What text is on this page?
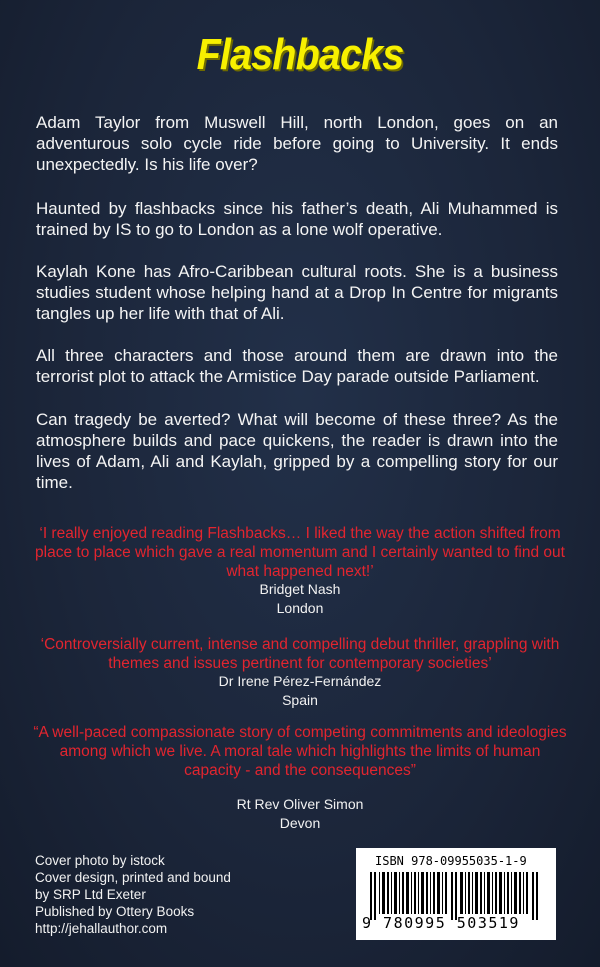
Flashbacks
Adam Taylor from Muswell Hill, north London, goes on an adventurous solo cycle ride before going to University. It ends unexpectedly. Is his life over?
Haunted by flashbacks since his father’s death, Ali Muhammed is trained by IS to go to London as a lone wolf operative.
Kaylah Kone has Afro-Caribbean cultural roots. She is a business studies student whose helping hand at a Drop In Centre for migrants tangles up her life with that of Ali.
All three characters and those around them are drawn into the terrorist plot to attack the Armistice Day parade outside Parliament.
Can tragedy be averted? What will become of these three? As the atmosphere builds and pace quickens, the reader is drawn into the lives of Adam, Ali and Kaylah, gripped by a compelling story for our time.
‘I really enjoyed reading Flashbacks… I liked the way the action shifted from place to place which gave a real momentum and I certainly wanted to find out what happened next!’
Bridget Nash
London
‘Controversially current, intense and compelling debut thriller, grappling with themes and issues pertinent for contemporary societies’
Dr Irene Pérez-Fernández
Spain
“A well-paced compassionate story of competing commitments and ideologies among which we live. A moral tale which highlights the limits of human capacity - and the consequences”
Rt Rev Oliver Simon
Devon
Cover photo by istock
Cover design, printed and bound
by SRP Ltd Exeter
Published by Ottery Books
http://jehallauthor.com
ISBN 978-09955035-1-9
9 780995 503519
